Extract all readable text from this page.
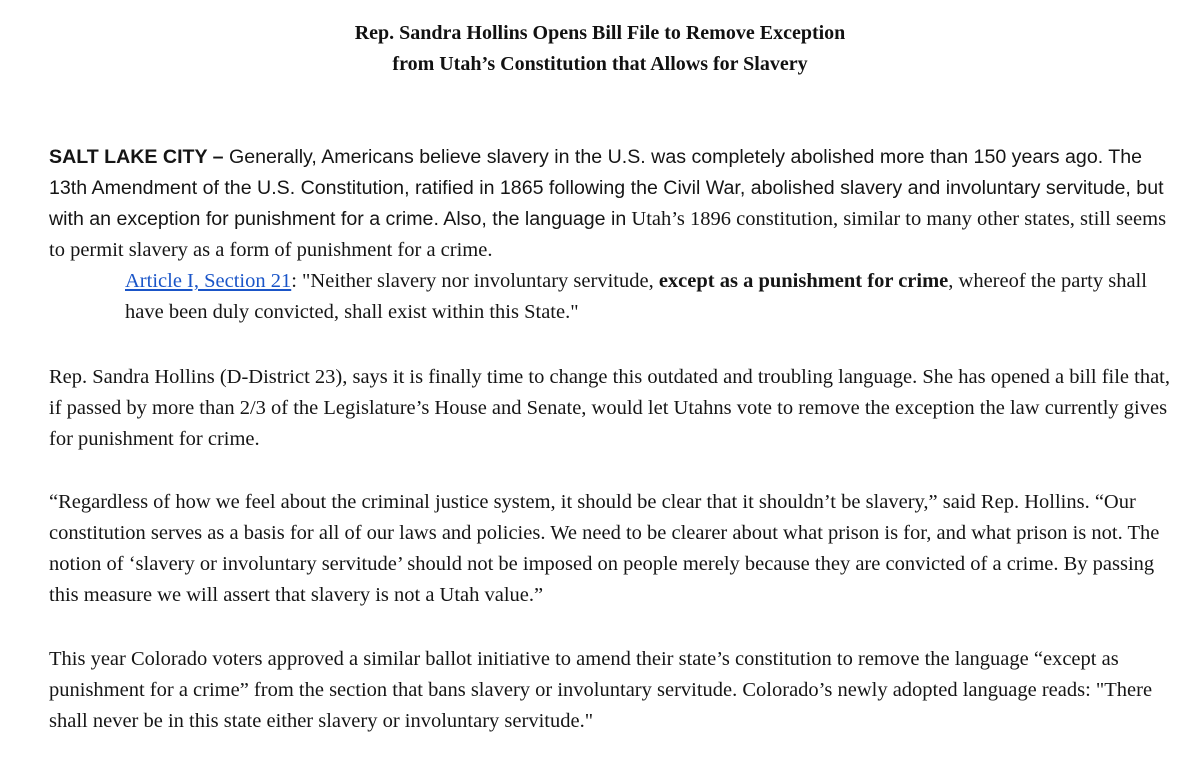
Rep. Sandra Hollins Opens Bill File to Remove Exception
from Utah’s Constitution that Allows for Slavery

SALT LAKE CITY – Generally, Americans believe slavery in the U.S. was completely abolished more than 150 years ago. The 13th Amendment of the U.S. Constitution, ratified in 1865 following the Civil War, abolished slavery and involuntary servitude, but with an exception for punishment for a crime. Also, the language in Utah’s 1896 constitution, similar to many other states, still seems to permit slavery as a form of punishment for a crime.

Article I, Section 21: "Neither slavery nor involuntary servitude, except as a punishment for crime, whereof the party shall have been duly convicted, shall exist within this State."

Rep. Sandra Hollins (D-District 23), says it is finally time to change this outdated and troubling language. She has opened a bill file that, if passed by more than 2/3 of the Legislature’s House and Senate, would let Utahns vote to remove the exception the law currently gives for punishment for crime.

“Regardless of how we feel about the criminal justice system, it should be clear that it shouldn’t be slavery,” said Rep. Hollins. “Our constitution serves as a basis for all of our laws and policies. We need to be clearer about what prison is for, and what prison is not. The notion of ‘slavery or involuntary servitude’ should not be imposed on people merely because they are convicted of a crime. By passing this measure we will assert that slavery is not a Utah value.”

This year Colorado voters approved a similar ballot initiative to amend their state’s constitution to remove the language “except as punishment for a crime” from the section that bans slavery or involuntary servitude. Colorado’s newly adopted language reads: "There shall never be in this state either slavery or involuntary servitude."
